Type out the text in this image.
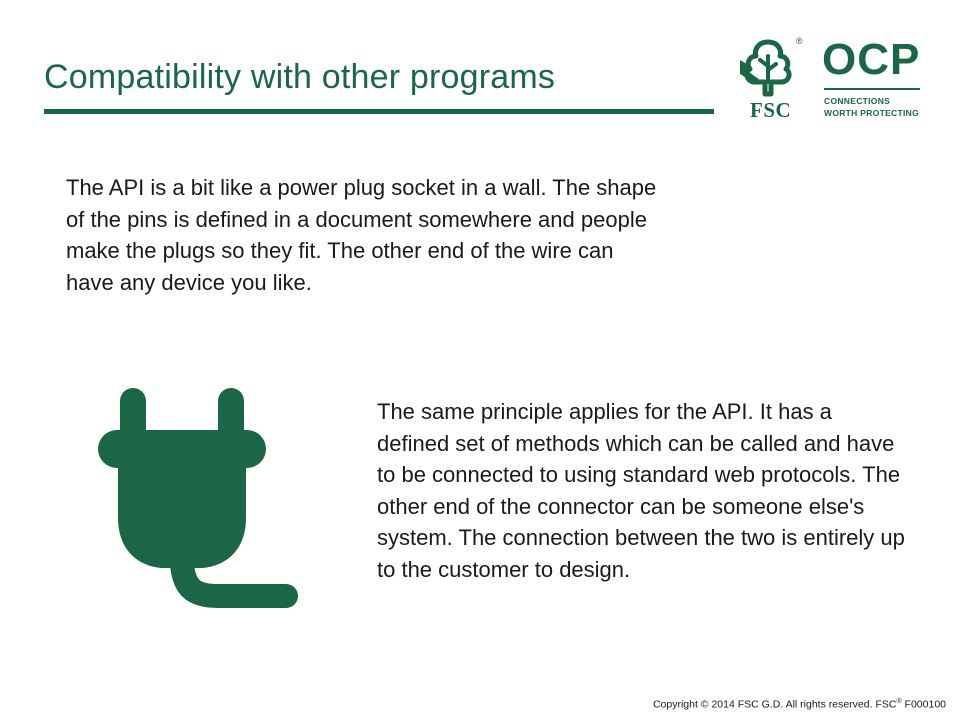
Compatibility with other programs
®
FSC
OCP
CONNECTIONS
WORTH PROTECTING
The API is a bit like a power plug socket in a wall. The shape of the pins is defined in a document somewhere and people make the plugs so they fit. The other end of the wire can have any device you like.
The same principle applies for the API. It has a defined set of methods which can be called and have to be connected to using standard web protocols. The other end of the connector can be someone else's system. The connection between the two is entirely up to the customer to design.
Copyright © 2014 FSC G.D. All rights reserved. FSC® F000100
